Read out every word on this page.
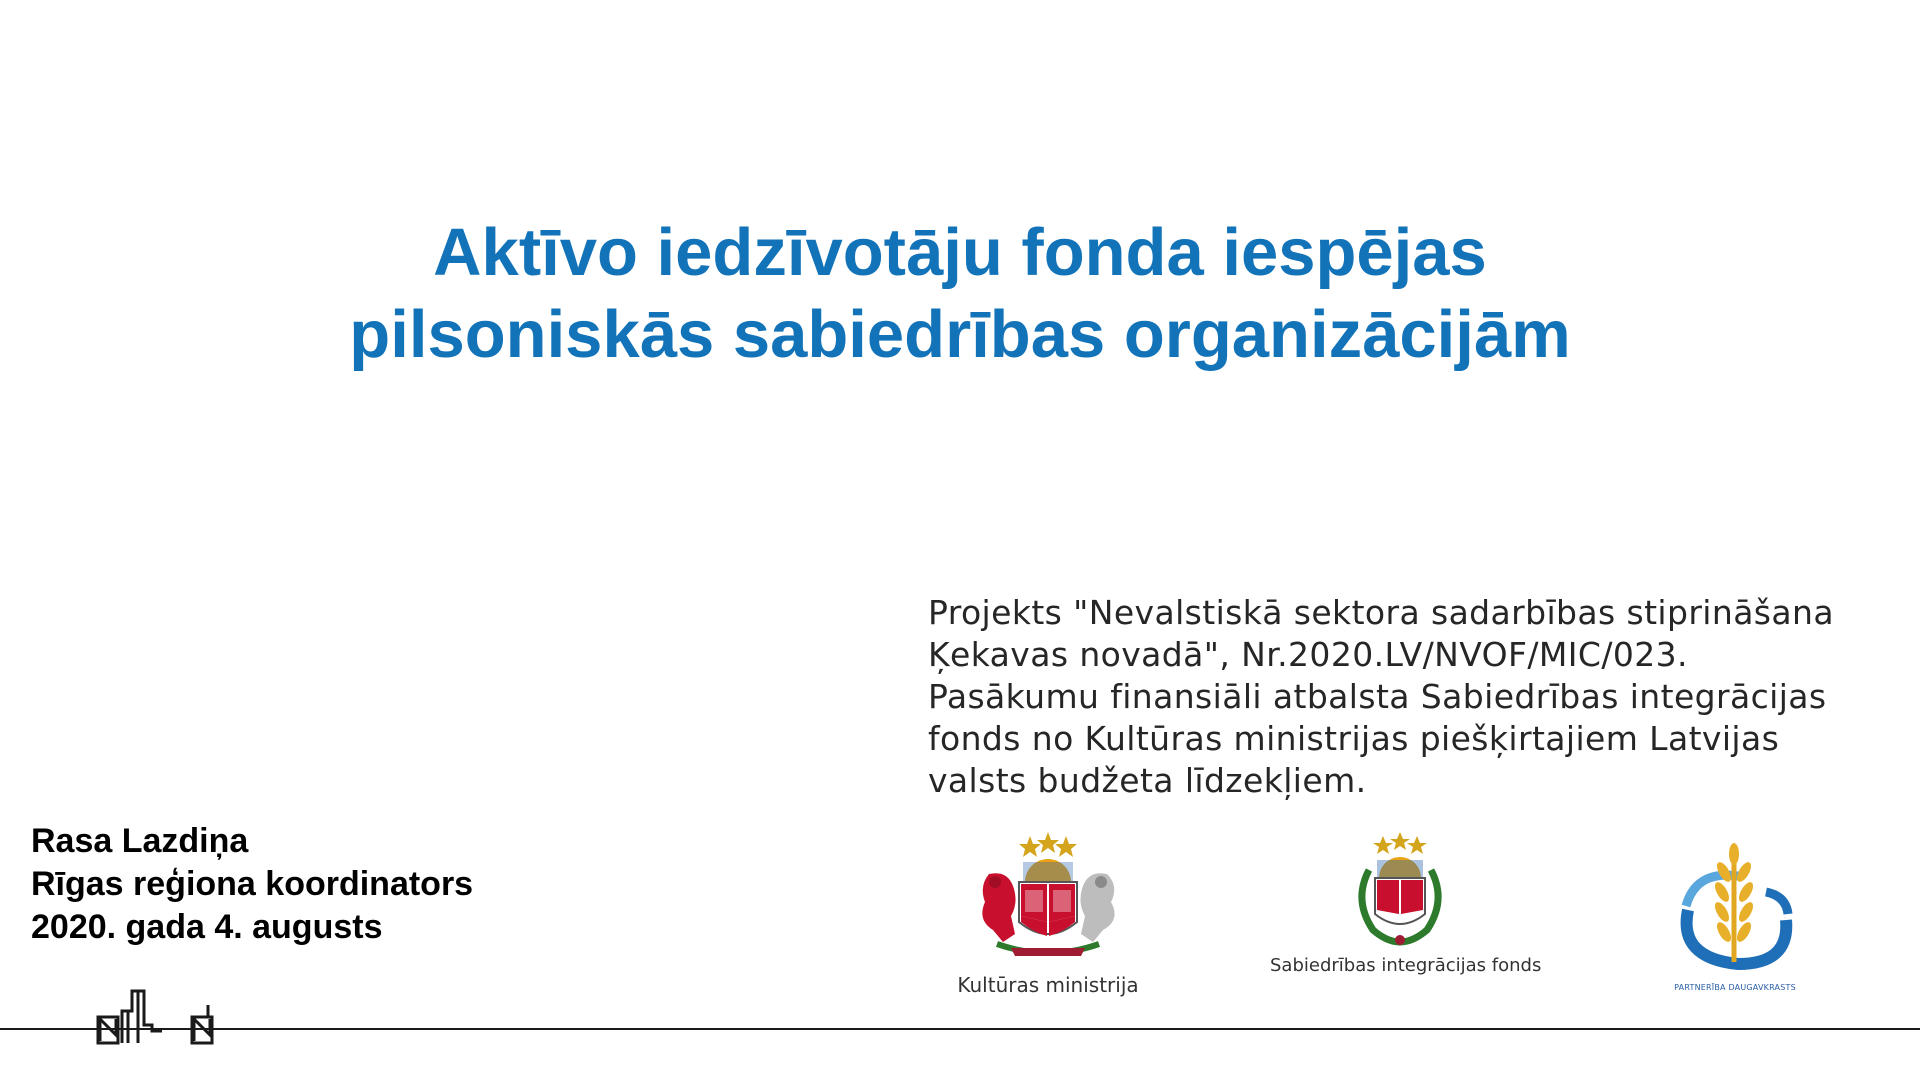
Aktīvo iedzīvotāju fonda iespējas
pilsoniskās sabiedrības organizācijām
Projekts "Nevalstiskā sektora sadarbības stiprināšana
Ķekavas novadā", Nr.2020.LV/NVOF/MIC/023.
Pasākumu finansiāli atbalsta Sabiedrības integrācijas
fonds no Kultūras ministrijas piešķirtajiem Latvijas
valsts budžeta līdzekļiem.
Rasa Lazdiņa
Rīgas reģiona koordinators
2020. gada 4. augusts
Kultūras ministrija
Sabiedrības integrācijas fonds
PARTNERĪBA DAUGAVKRASTS
